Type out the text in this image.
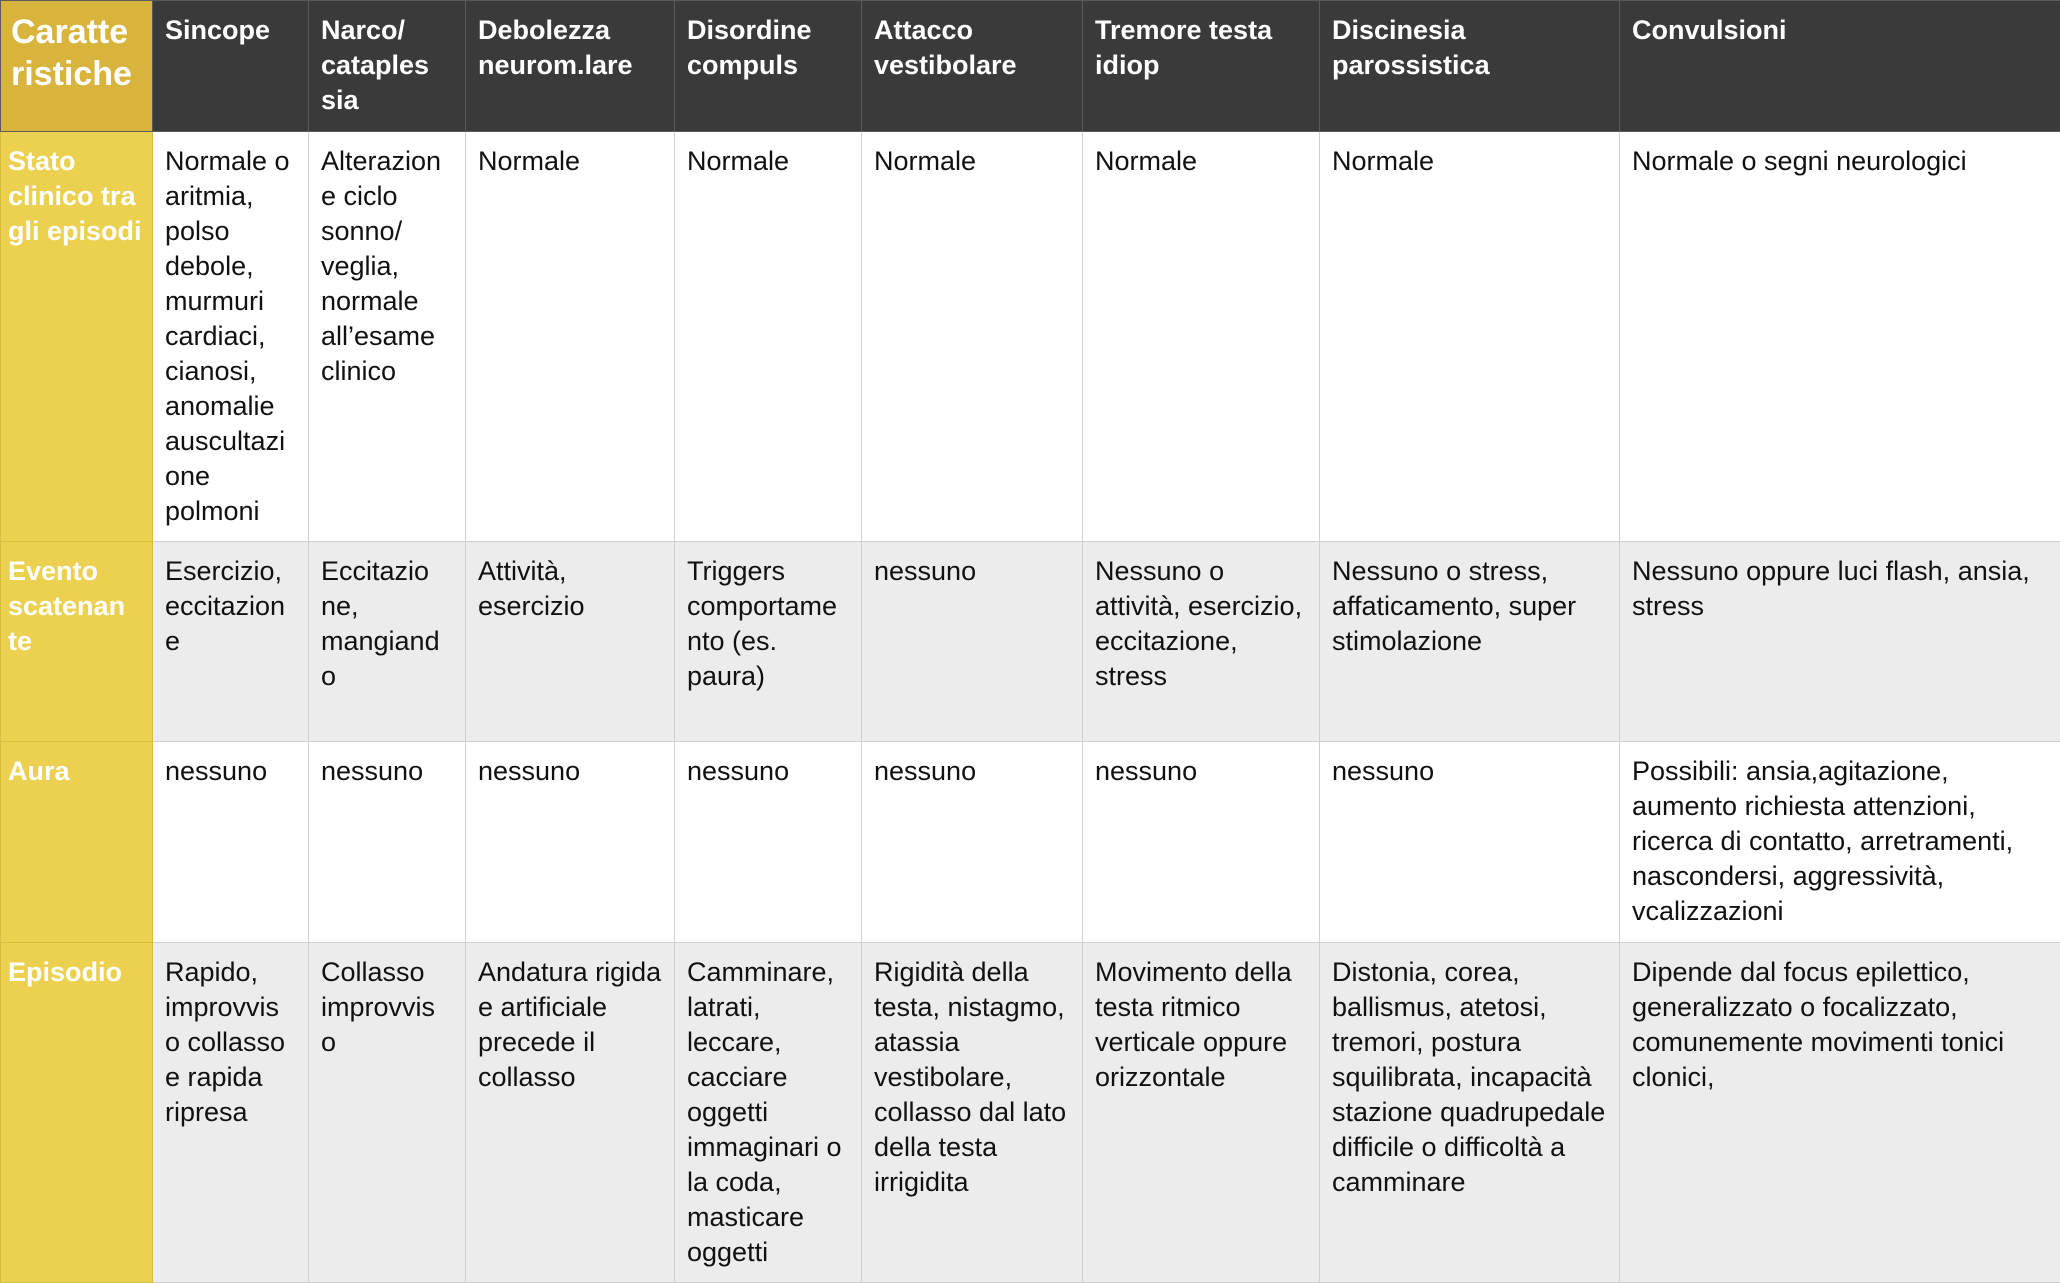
Caratte ristiche	Sincope	Narco/ cataples sia	Debolezza neurom.lare	Disordine compuls	Attacco vestibolare	Tremore testa idiop	Discinesia parossistica	Convulsioni
Stato clinico tra gli episodi	Normale o aritmia, polso debole, murmuri cardiaci, cianosi, anomalie auscultazi one polmoni	Alterazion e ciclo sonno/ veglia, normale all’esame clinico	Normale	Normale	Normale	Normale	Normale	Normale o segni neurologici
Evento scatenan te	Esercizio, eccitazion e	Eccitazio ne, mangiand o	Attività, esercizio	Triggers comportame nto (es. paura)	nessuno	Nessuno o attività, esercizio, eccitazione, stress	Nessuno o stress, affaticamento, super stimolazione	Nessuno oppure luci flash, ansia, stress
Aura	nessuno	nessuno	nessuno	nessuno	nessuno	nessuno	nessuno	Possibili: ansia,agitazione, aumento richiesta attenzioni, ricerca di contatto, arretramenti, nascondersi, aggressività, vcalizzazioni
Episodio	Rapido, improvvis o collasso e rapida ripresa	Collasso improvvis o	Andatura rigida e artificiale precede il collasso	Camminare, latrati, leccare, cacciare oggetti immaginari o la coda, masticare oggetti	Rigidità della testa, nistagmo, atassia vestibolare, collasso dal lato della testa irrigidita	Movimento della testa ritmico verticale oppure orizzontale	Distonia, corea, ballismus, atetosi, tremori, postura squilibrata, incapacità stazione quadrupedale difficile o difficoltà a camminare	Dipende dal focus epilettico, generalizzato o focalizzato, comunemente movimenti tonici clonici,
